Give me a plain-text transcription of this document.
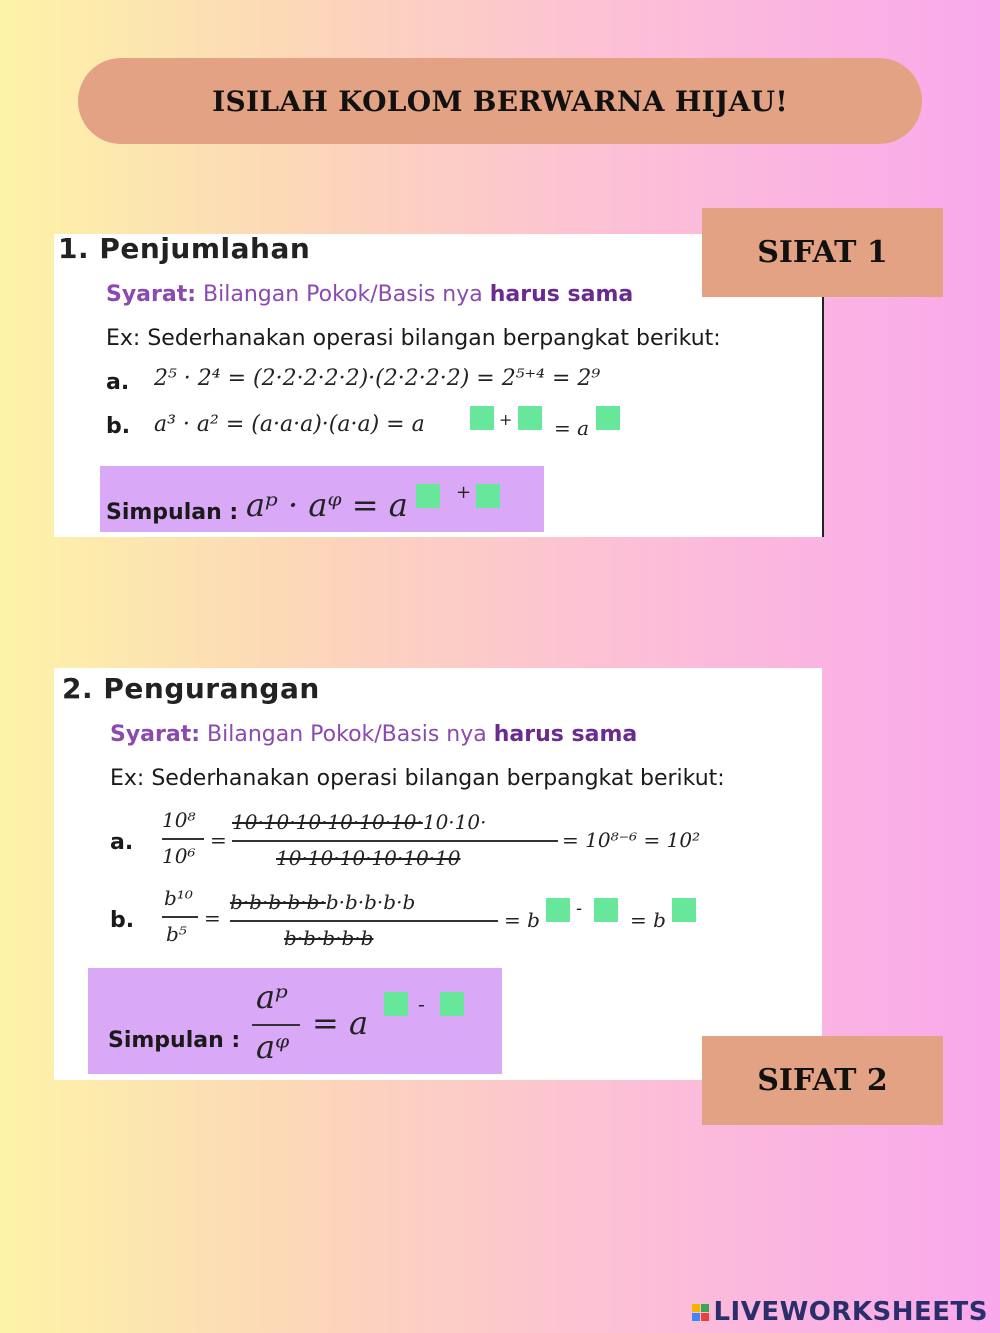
ISILAH KOLOM BERWARNA HIJAU!
1. Penjumlahan
Syarat: Bilangan Pokok/Basis nya harus sama
Ex: Sederhanakan operasi bilangan berpangkat berikut:
a. 2⁵ · 2⁴ = (2·2·2·2·2)·(2·2·2·2) = 2⁵⁺⁴ = 2⁹
b. a³ · a² = (a·a·a)·(a·a) = a	+ = a
Simpulan : aᵖ · aᵠ = a	+
SIFAT 1
2. Pengurangan
Syarat: Bilangan Pokok/Basis nya harus sama
Ex: Sederhanakan operasi bilangan berpangkat berikut:
a.
10⁸
10⁶
=
10·10·10·10·10·10·10·10·
10·10·10·10·10·10
= 10⁸⁻⁶ = 10²
b.
b¹⁰
b⁵
=
b·b·b·b·b·b·b·b·b·b
b·b·b·b·b
= b - = b
Simpulan :
aᵖ
aᵠ
= a -
SIFAT 2
LIVEWORKSHEETS
